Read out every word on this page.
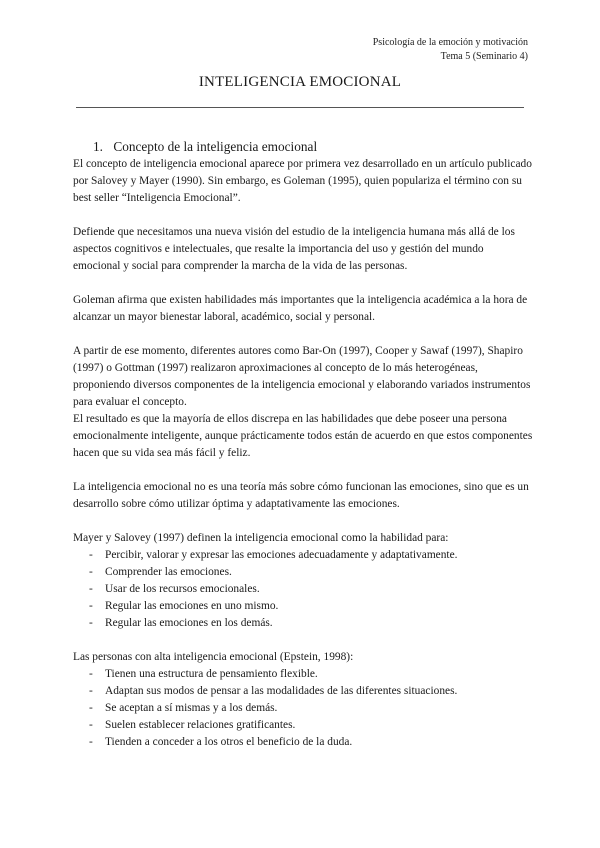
Psicología de la emoción y motivación
Tema 5 (Seminario 4)
INTELIGENCIA EMOCIONAL
1. Concepto de la inteligencia emocional

El concepto de inteligencia emocional aparece por primera vez desarrollado en un artículo publicado por Salovey y Mayer (1990). Sin embargo, es Goleman (1995), quien populariza el término con su best seller “Inteligencia Emocional”.

Defiende que necesitamos una nueva visión del estudio de la inteligencia humana más allá de los aspectos cognitivos e intelectuales, que resalte la importancia del uso y gestión del mundo emocional y social para comprender la marcha de la vida de las personas.

Goleman afirma que existen habilidades más importantes que la inteligencia académica a la hora de alcanzar un mayor bienestar laboral, académico, social y personal.

A partir de ese momento, diferentes autores como Bar-On (1997), Cooper y Sawaf (1997), Shapiro (1997) o Gottman (1997) realizaron aproximaciones al concepto de lo más heterogéneas, proponiendo diversos componentes de la inteligencia emocional y elaborando variados instrumentos para evaluar el concepto.

El resultado es que la mayoría de ellos discrepa en las habilidades que debe poseer una persona emocionalmente inteligente, aunque prácticamente todos están de acuerdo en que estos componentes hacen que su vida sea más fácil y feliz.

La inteligencia emocional no es una teoría más sobre cómo funcionan las emociones, sino que es un desarrollo sobre cómo utilizar óptima y adaptativamente las emociones.

Mayer y Salovey (1997) definen la inteligencia emocional como la habilidad para:

- Percibir, valorar y expresar las emociones adecuadamente y adaptativamente.
- Comprender las emociones.
- Usar de los recursos emocionales.
- Regular las emociones en uno mismo.
- Regular las emociones en los demás.

Las personas con alta inteligencia emocional (Epstein, 1998):

- Tienen una estructura de pensamiento flexible.
- Adaptan sus modos de pensar a las modalidades de las diferentes situaciones.
- Se aceptan a sí mismas y a los demás.
- Suelen establecer relaciones gratificantes.
- Tienden a conceder a los otros el beneficio de la duda.
